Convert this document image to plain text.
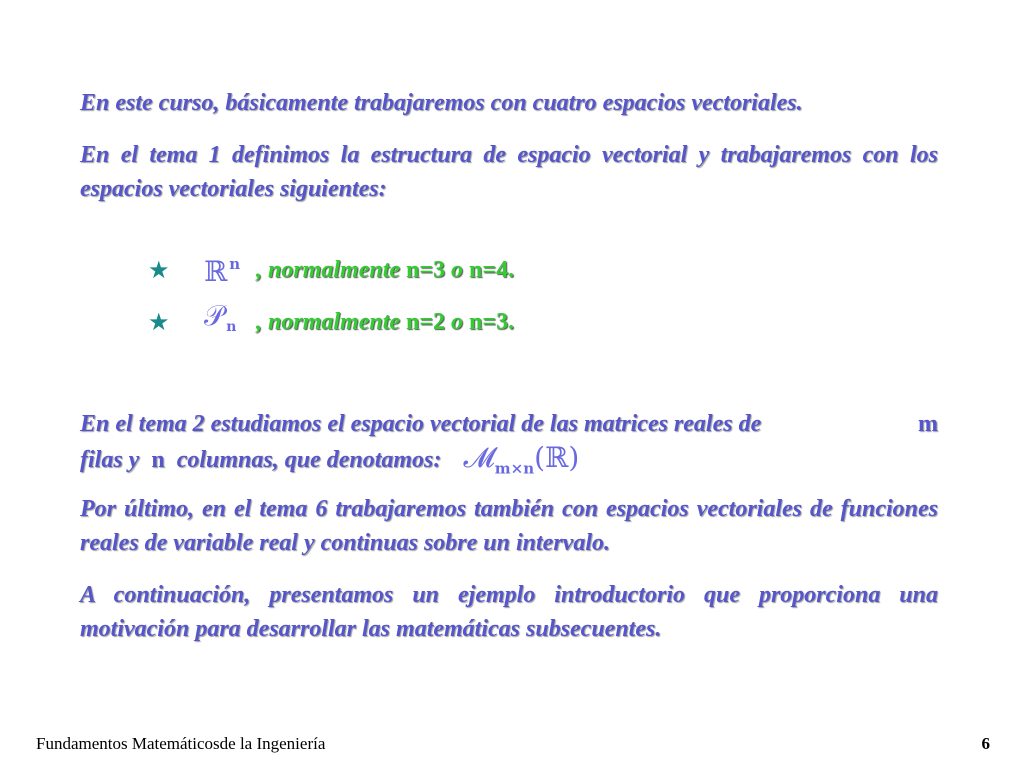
En este curso, básicamente trabajaremos con cuatro espacios vectoriales.

En el tema 1 definimos la estructura de espacio vectorial y trabajaremos con los espacios vectoriales siguientes:

★ ℝ $^n$ , normalmente n=3 o n=4.
★ 𝒫 $_n$ , normalmente n=2 o n=3.
En el tema 2 estudiamos el espacio vectorial de las matrices reales de	m
filas y n columnas, que denotamos: 𝓜$_{m\times n}$(ℝ)

Por último, en el tema 6 trabajaremos también con espacios vectoriales de funciones reales de variable real y continuas sobre un intervalo.

A continuación, presentamos un ejemplo introductorio que proporciona una motivación para desarrollar las matemáticas subsecuentes.

Fundamentos Matemáticosde la Ingeniería	6
